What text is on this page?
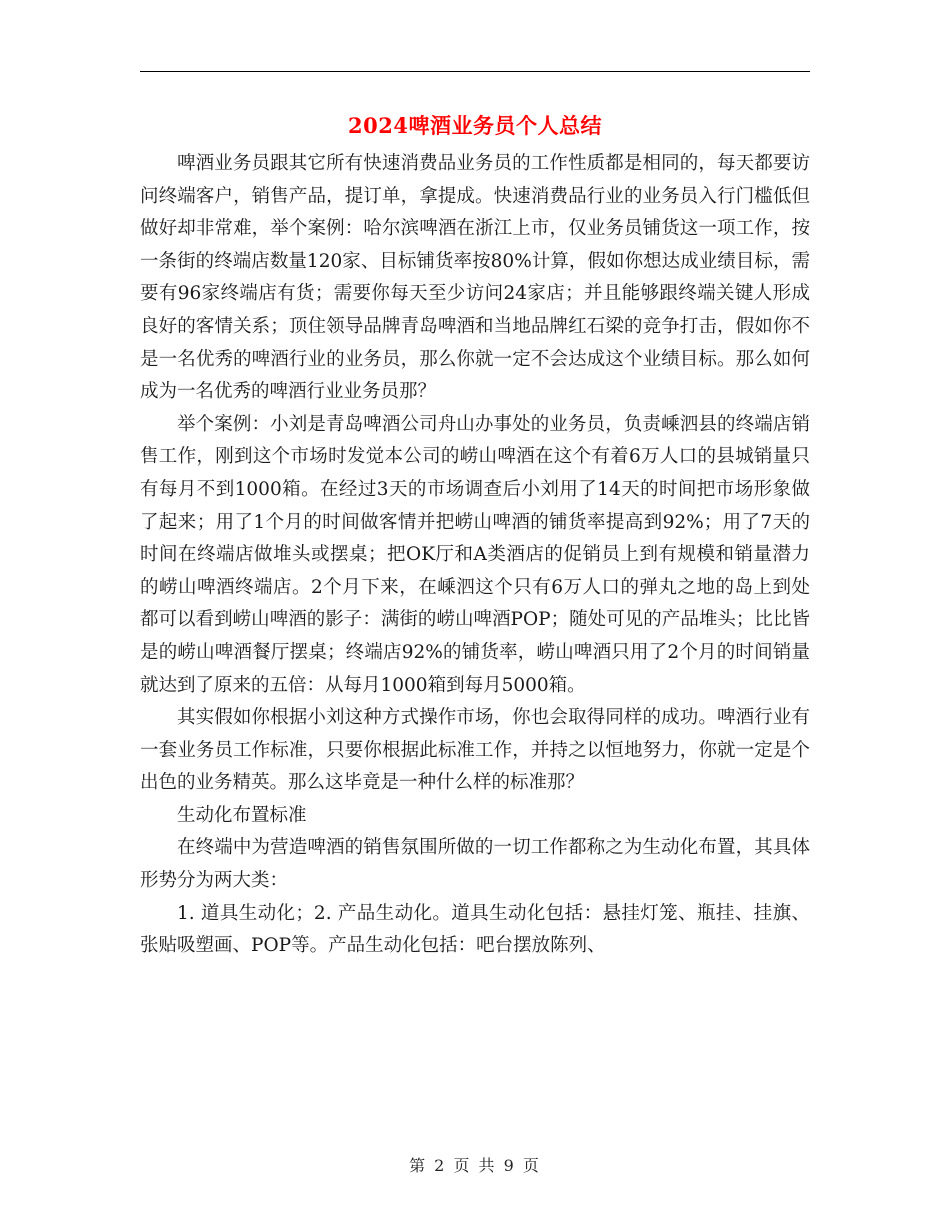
2024啤酒业务员个人总结

啤酒业务员跟其它所有快速消费品业务员的工作性质都是相同的，每天都要访问终端客户，销售产品，提订单，拿提成。快速消费品行业的业务员入行门槛低但做好却非常难，举个案例：哈尔滨啤酒在浙江上市，仅业务员铺货这一项工作，按一条街的终端店数量120家、目标铺货率按80%计算，假如你想达成业绩目标，需要有96家终端店有货；需要你每天至少访问24家店；并且能够跟终端关键人形成良好的客情关系；顶住领导品牌青岛啤酒和当地品牌红石梁的竞争打击，假如你不是一名优秀的啤酒行业的业务员，那么你就一定不会达成这个业绩目标。那么如何成为一名优秀的啤酒行业业务员那？

举个案例：小刘是青岛啤酒公司舟山办事处的业务员，负责嵊泗县的终端店销售工作，刚到这个市场时发觉本公司的崂山啤酒在这个有着6万人口的县城销量只有每月不到1000箱。在经过3天的市场调查后小刘用了14天的时间把市场形象做了起来；用了1个月的时间做客情并把崂山啤酒的铺货率提高到92%；用了7天的时间在终端店做堆头或摆桌；把OK厅和A类酒店的促销员上到有规模和销量潜力的崂山啤酒终端店。2个月下来，在嵊泗这个只有6万人口的弹丸之地的岛上到处都可以看到崂山啤酒的影子：满街的崂山啤酒POP；随处可见的产品堆头；比比皆是的崂山啤酒餐厅摆桌；终端店92%的铺货率，崂山啤酒只用了2个月的时间销量就达到了原来的五倍：从每月1000箱到每月5000箱。

其实假如你根据小刘这种方式操作市场，你也会取得同样的成功。啤酒行业有一套业务员工作标准，只要你根据此标准工作，并持之以恒地努力，你就一定是个出色的业务精英。那么这毕竟是一种什么样的标准那？

生动化布置标准

在终端中为营造啤酒的销售氛围所做的一切工作都称之为生动化布置，其具体形势分为两大类：

1. 道具生动化；2. 产品生动化。道具生动化包括：悬挂灯笼、瓶挂、挂旗、张贴吸塑画、POP等。产品生动化包括：吧台摆放陈列、

第 2 页 共 9 页
